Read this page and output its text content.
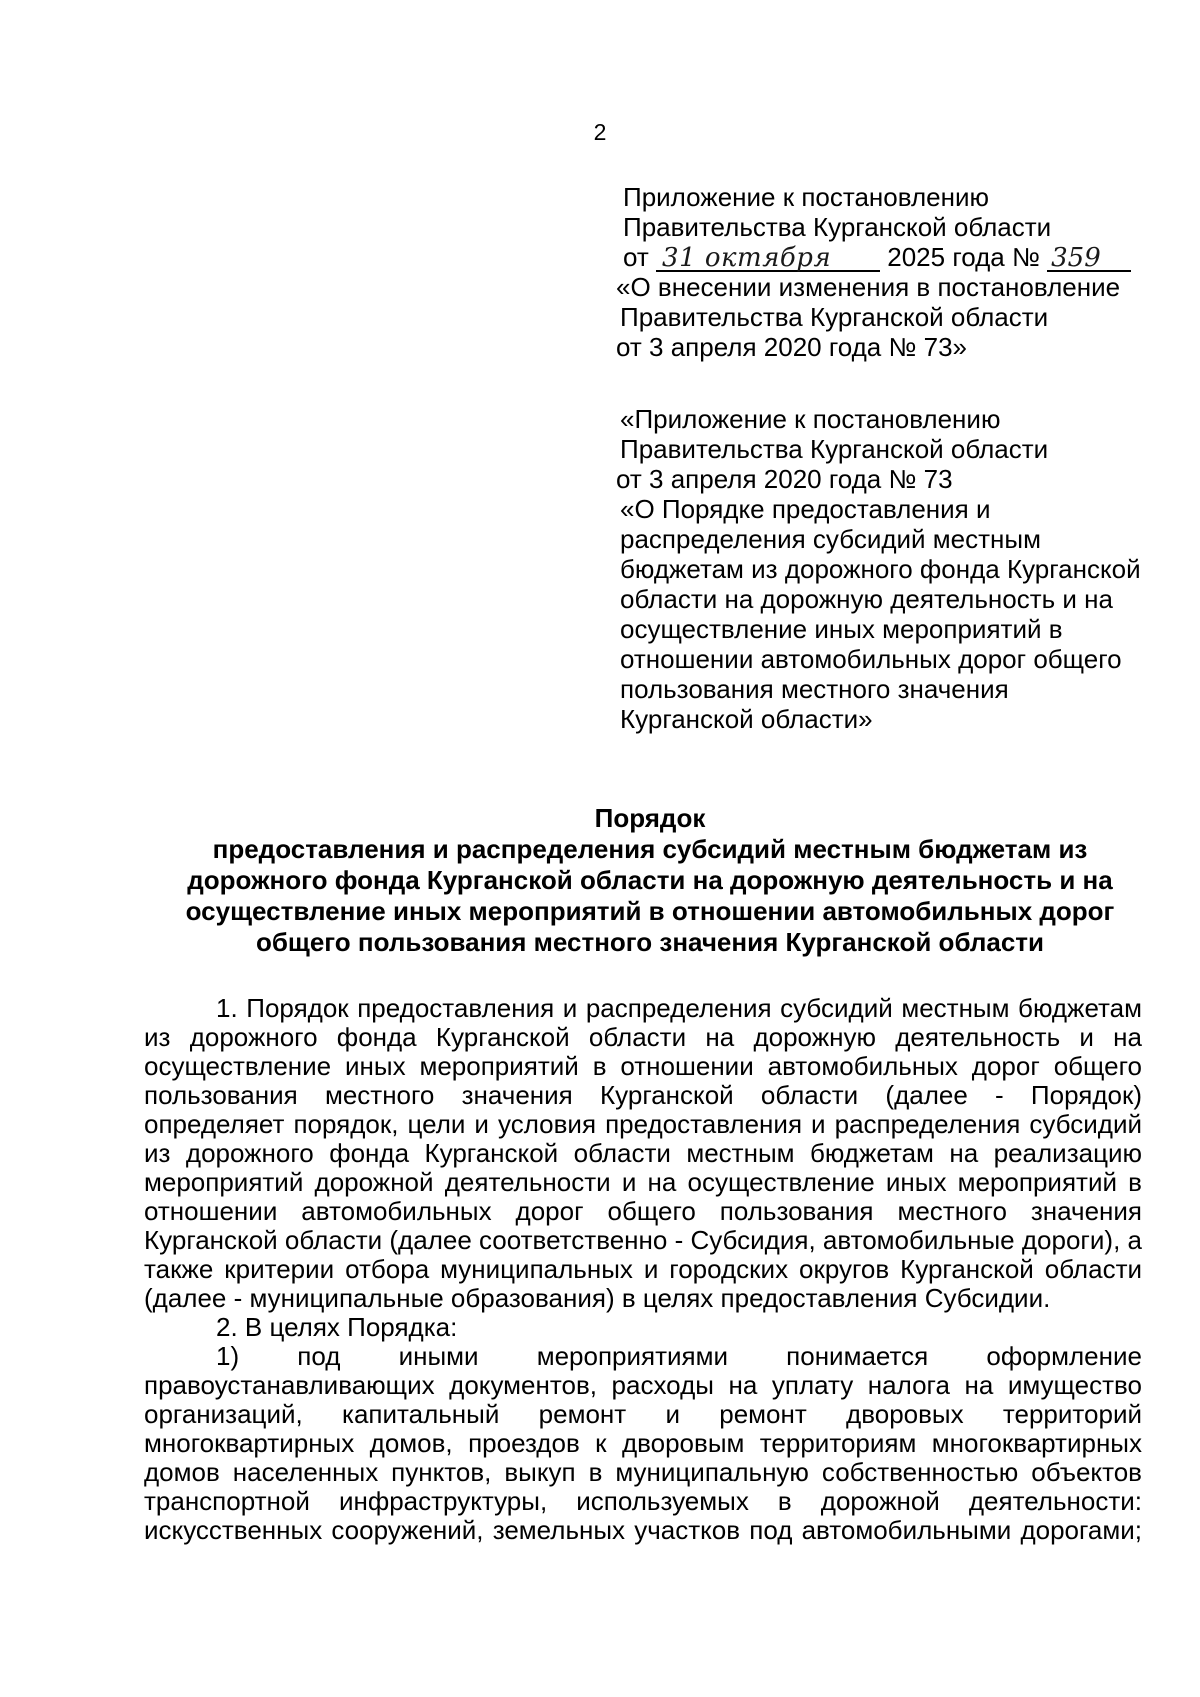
2
Приложение к постановлению
Правительства Курганской области
от 31 октября 2025 года № 359
«О внесении изменения в постановление
Правительства Курганской области
от 3 апреля 2020 года № 73»
«Приложение к постановлению
Правительства Курганской области
от 3 апреля 2020 года № 73
«О Порядке предоставления и
распределения субсидий местным
бюджетам из дорожного фонда Курганской
области на дорожную деятельность и на
осуществление иных мероприятий в
отношении автомобильных дорог общего
пользования местного значения
Курганской области»
Порядок
предоставления и распределения субсидий местным бюджетам из
дорожного фонда Курганской области на дорожную деятельность и на
осуществление иных мероприятий в отношении автомобильных дорог
общего пользования местного значения Курганской области

1. Порядок предоставления и распределения субсидий местным бюджетам из дорожного фонда Курганской области на дорожную деятельность и на осуществление иных мероприятий в отношении автомобильных дорог общего пользования местного значения Курганской области (далее - Порядок) определяет порядок, цели и условия предоставления и распределения субсидий из дорожного фонда Курганской области местным бюджетам на реализацию мероприятий дорожной деятельности и на осуществление иных мероприятий в отношении автомобильных дорог общего пользования местного значения Курганской области (далее соответственно - Субсидия, автомобильные дороги), а также критерии отбора муниципальных и городских округов Курганской области (далее - муниципальные образования) в целях предоставления Субсидии.

2. В целях Порядка:

1) под иными мероприятиями понимается оформление правоустанавливающих документов, расходы на уплату налога на имущество организаций, капитальный ремонт и ремонт дворовых территорий многоквартирных домов, проездов к дворовым территориям многоквартирных домов населенных пунктов, выкуп в муниципальную собственностью объектов транспортной инфраструктуры, используемых в дорожной деятельности: искусственных сооружений, земельных участков под автомобильными дорогами;
